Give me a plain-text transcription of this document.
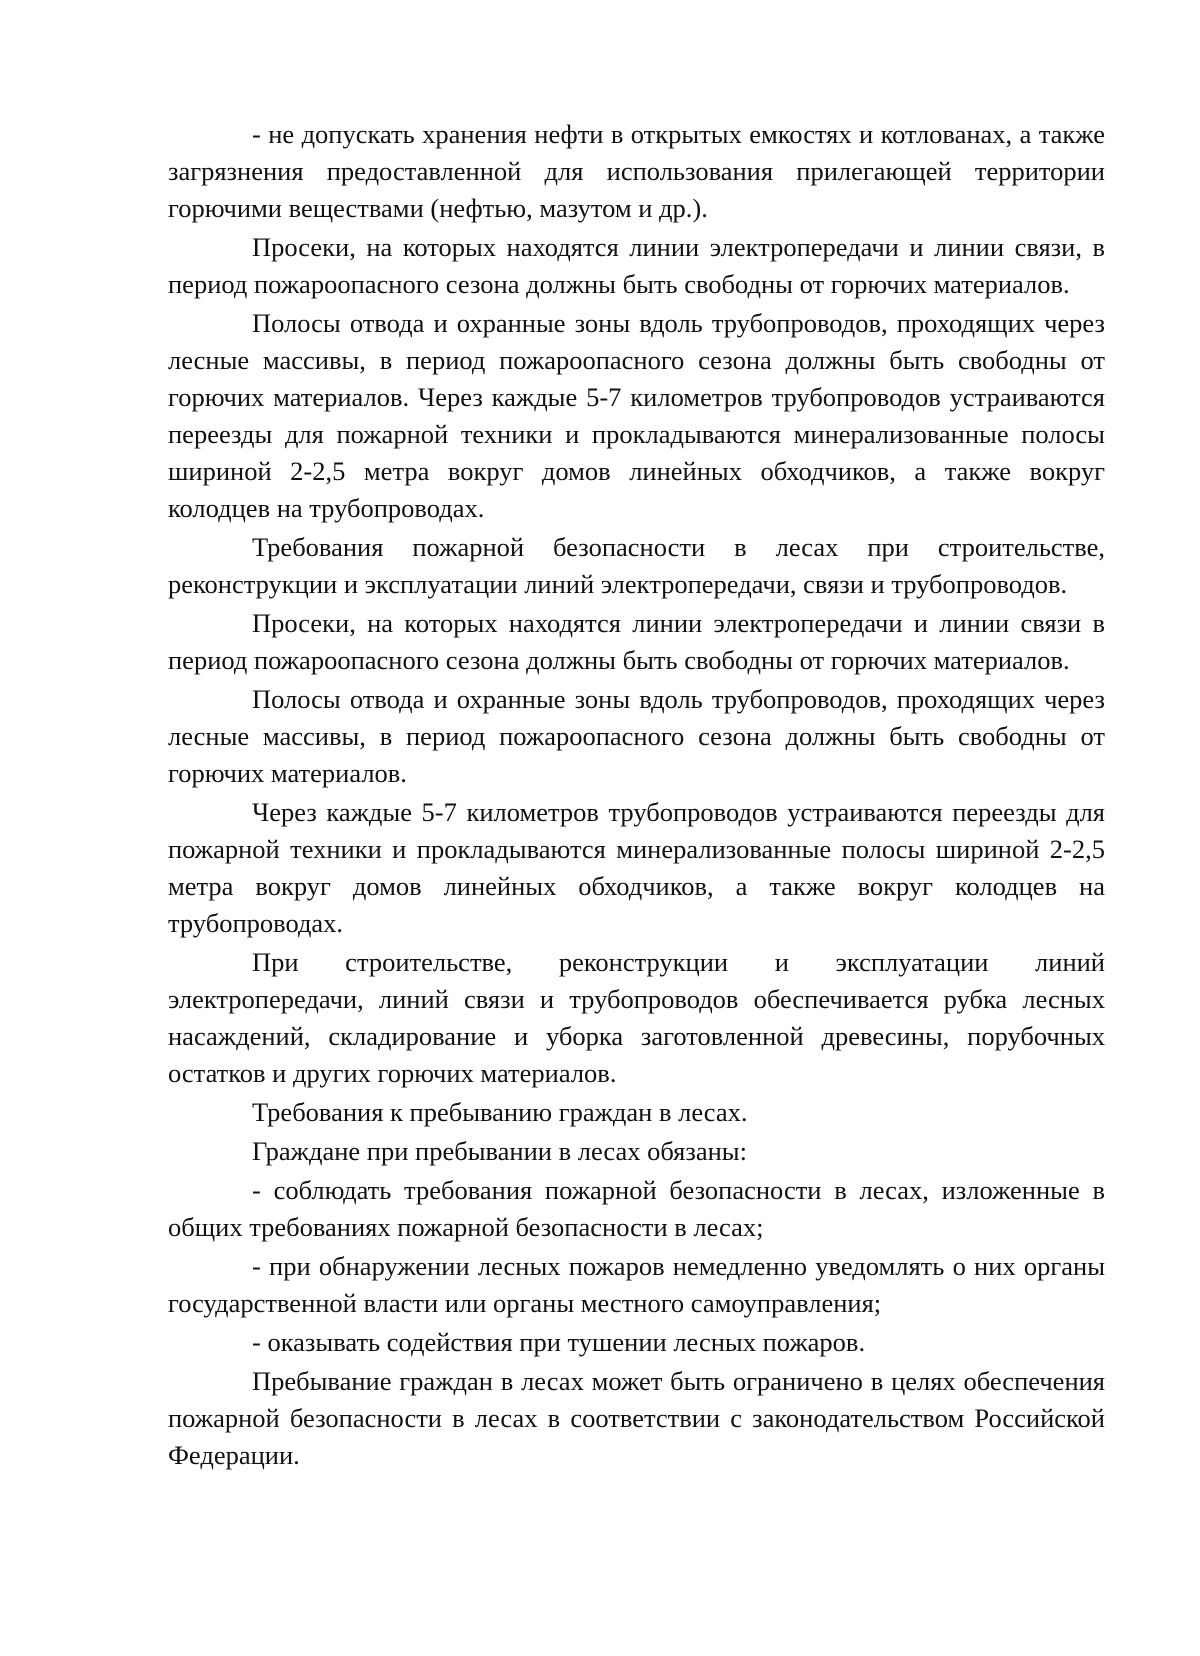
- не допускать хранения нефти в открытых емкостях и котлованах, а также загрязнения предоставленной для использования прилегающей территории горючими веществами (нефтью, мазутом и др.).

Просеки, на которых находятся линии электропередачи и линии связи, в период пожароопасного сезона должны быть свободны от горючих материалов.

Полосы отвода и охранные зоны вдоль трубопроводов, проходящих через лесные массивы, в период пожароопасного сезона должны быть свободны от горючих материалов. Через каждые 5-7 километров трубопроводов устраиваются переезды для пожарной техники и прокладываются минерализованные полосы шириной 2-2,5 метра вокруг домов линейных обходчиков, а также вокруг колодцев на трубопроводах.

Требования пожарной безопасности в лесах при строительстве, реконструкции и эксплуатации линий электропередачи, связи и трубопроводов.

Просеки, на которых находятся линии электропередачи и линии связи в период пожароопасного сезона должны быть свободны от горючих материалов.

Полосы отвода и охранные зоны вдоль трубопроводов, проходящих через лесные массивы, в период пожароопасного сезона должны быть свободны от горючих материалов.

Через каждые 5-7 километров трубопроводов устраиваются переезды для пожарной техники и прокладываются минерализованные полосы шириной 2-2,5 метра вокруг домов линейных обходчиков, а также вокруг колодцев на трубопроводах.

При строительстве, реконструкции и эксплуатации линий электропередачи, линий связи и трубопроводов обеспечивается рубка лесных насаждений, складирование и уборка заготовленной древесины, порубочных остатков и других горючих материалов.

Требования к пребыванию граждан в лесах.

Граждане при пребывании в лесах обязаны:

- соблюдать требования пожарной безопасности в лесах, изложенные в общих требованиях пожарной безопасности в лесах;

- при обнаружении лесных пожаров немедленно уведомлять о них органы государственной власти или органы местного самоуправления;

- оказывать содействия при тушении лесных пожаров.

Пребывание граждан в лесах может быть ограничено в целях обеспечения пожарной безопасности в лесах в соответствии с законодательством Российской Федерации.
